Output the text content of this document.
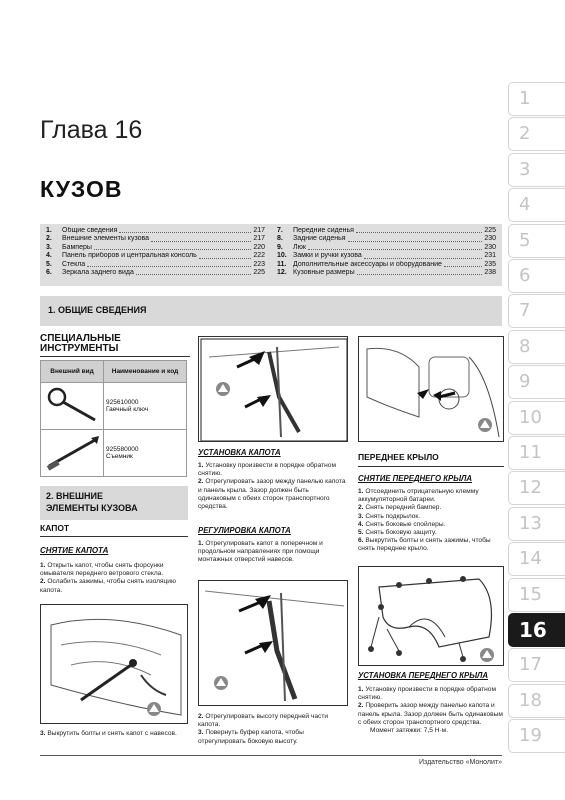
1
2
3
4
5
6
7
8
9
10
11
12
13
14
15
16
17
18
19
Глава 16
КУЗОВ
1.	Общие сведения	217
2.	Внешние элементы кузова	217
3.	Бамперы	220
4.	Панель приборов и центральная консоль	222
5.	Стекла	223
6.	Зеркала заднего вида	225
7.	Передние сиденья	225
8.	Задние сиденья	230
9.	Люк	230
10. Замки и ручки кузова	231
11. Дополнительные аксессуары и оборудование	235
12. Кузовные размеры	238
1. ОБЩИЕ СВЕДЕНИЯ
СПЕЦИАЛЬНЫЕ
ИНСТРУМЕНТЫ
Внешний вид	Наименование и код

925610000
Гаечный ключ

925580000
Съемник
2. ВНЕШНИЕ
ЭЛЕМЕНТЫ КУЗОВА
КАПОТ
СНЯТИЕ КАПОТА
1. Открыть капот, чтобы снять форсунки омывателя переднего ветрового стекла.
2. Ослабить зажимы, чтобы снять изоляцию капота.
3. Выкрутить болты и снять капот с навесов.
УСТАНОВКА КАПОТА
1. Установку произвести в порядке обратном снятию.
2. Отрегулировать зазор между панелью капота и панель крыла. Зазор должен быть одинаковым с обеих сторон транспортного средства.
РЕГУЛИРОВКА КАПОТА
1. Отрегулировать капот в поперечном и продольном направлениях при помощи монтажных отверстий навесов.
2. Отрегулировать высоту передней части капота.
3. Повернуть буфер капота, чтобы отрегулировать боковую высоту.
ПЕРЕДНЕЕ КРЫЛО
СНЯТИЕ ПЕРЕДНЕГО КРЫЛА
1. Отсоединить отрицательную клемму аккумуляторной батареи.
2. Снять передний бампер.
3. Снять подкрылок.
4. Снять боковые спойлеры.
5. Снять боковую защиту.
6. Выкрутить болты и снять зажимы, чтобы снять переднее крыло.
УСТАНОВКА ПЕРЕДНЕГО КРЫЛА
1. Установку произвести в порядке обратном снятию.
2. Проверить зазор между панелью капота и панель крыла. Зазор должен быть одинаковым с обеих сторон транспортного средства.
Момент затяжки: 7,5 Н·м.
Издательство «Монолит»
